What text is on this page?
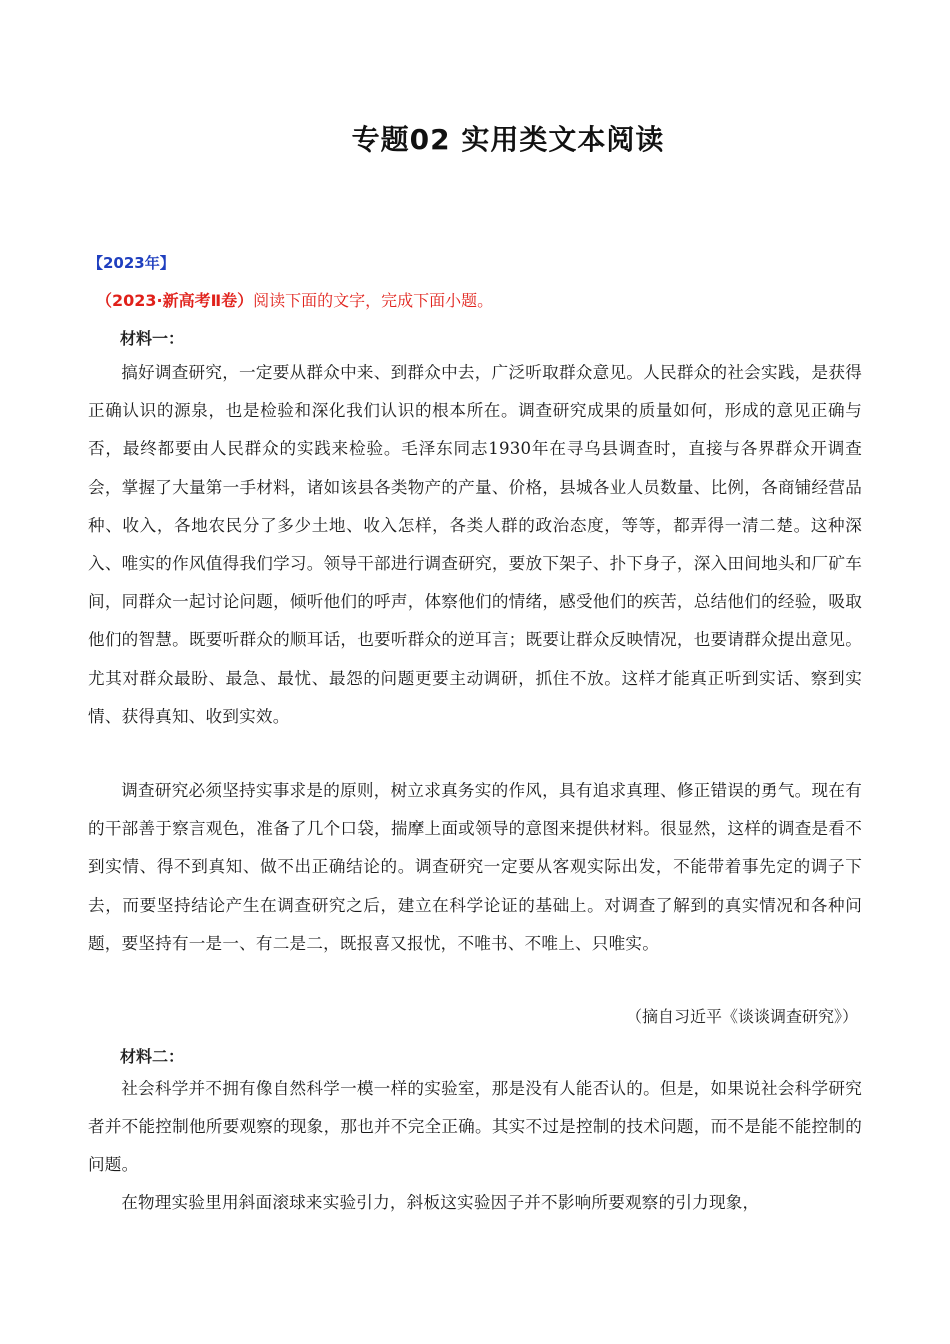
专题02 实用类文本阅读
【2023年】
（2023·新高考Ⅱ卷）阅读下面的文字，完成下面小题。
材料一：

搞好调查研究，一定要从群众中来、到群众中去，广泛听取群众意见。人民群众的社会实践，是获得正确认识的源泉，也是检验和深化我们认识的根本所在。调查研究成果的质量如何，形成的意见正确与否，最终都要由人民群众的实践来检验。毛泽东同志1930年在寻乌县调查时，直接与各界群众开调查会，掌握了大量第一手材料，诸如该县各类物产的产量、价格，县城各业人员数量、比例，各商铺经营品种、收入，各地农民分了多少土地、收入怎样，各类人群的政治态度，等等，都弄得一清二楚。这种深入、唯实的作风值得我们学习。领导干部进行调查研究，要放下架子、扑下身子，深入田间地头和厂矿车间，同群众一起讨论问题，倾听他们的呼声，体察他们的情绪，感受他们的疾苦，总结他们的经验，吸取他们的智慧。既要听群众的顺耳话，也要听群众的逆耳言；既要让群众反映情况，也要请群众提出意见。尤其对群众最盼、最急、最忧、最怨的问题更要主动调研，抓住不放。这样才能真正听到实话、察到实情、获得真知、收到实效。

调查研究必须坚持实事求是的原则，树立求真务实的作风，具有追求真理、修正错误的勇气。现在有的干部善于察言观色，准备了几个口袋，揣摩上面或领导的意图来提供材料。很显然，这样的调查是看不到实情、得不到真知、做不出正确结论的。调查研究一定要从客观实际出发，不能带着事先定的调子下去，而要坚持结论产生在调查研究之后，建立在科学论证的基础上。对调查了解到的真实情况和各种问题，要坚持有一是一、有二是二，既报喜又报忧，不唯书、不唯上、只唯实。

（摘自习近平《谈谈调查研究》）
材料二：

社会科学并不拥有像自然科学一模一样的实验室，那是没有人能否认的。但是，如果说社会科学研究者并不能控制他所要观察的现象，那也并不完全正确。其实不过是控制的技术问题，而不是能不能控制的问题。

在物理实验里用斜面滚球来实验引力，斜板这实验因子并不影响所要观察的引力现象，
